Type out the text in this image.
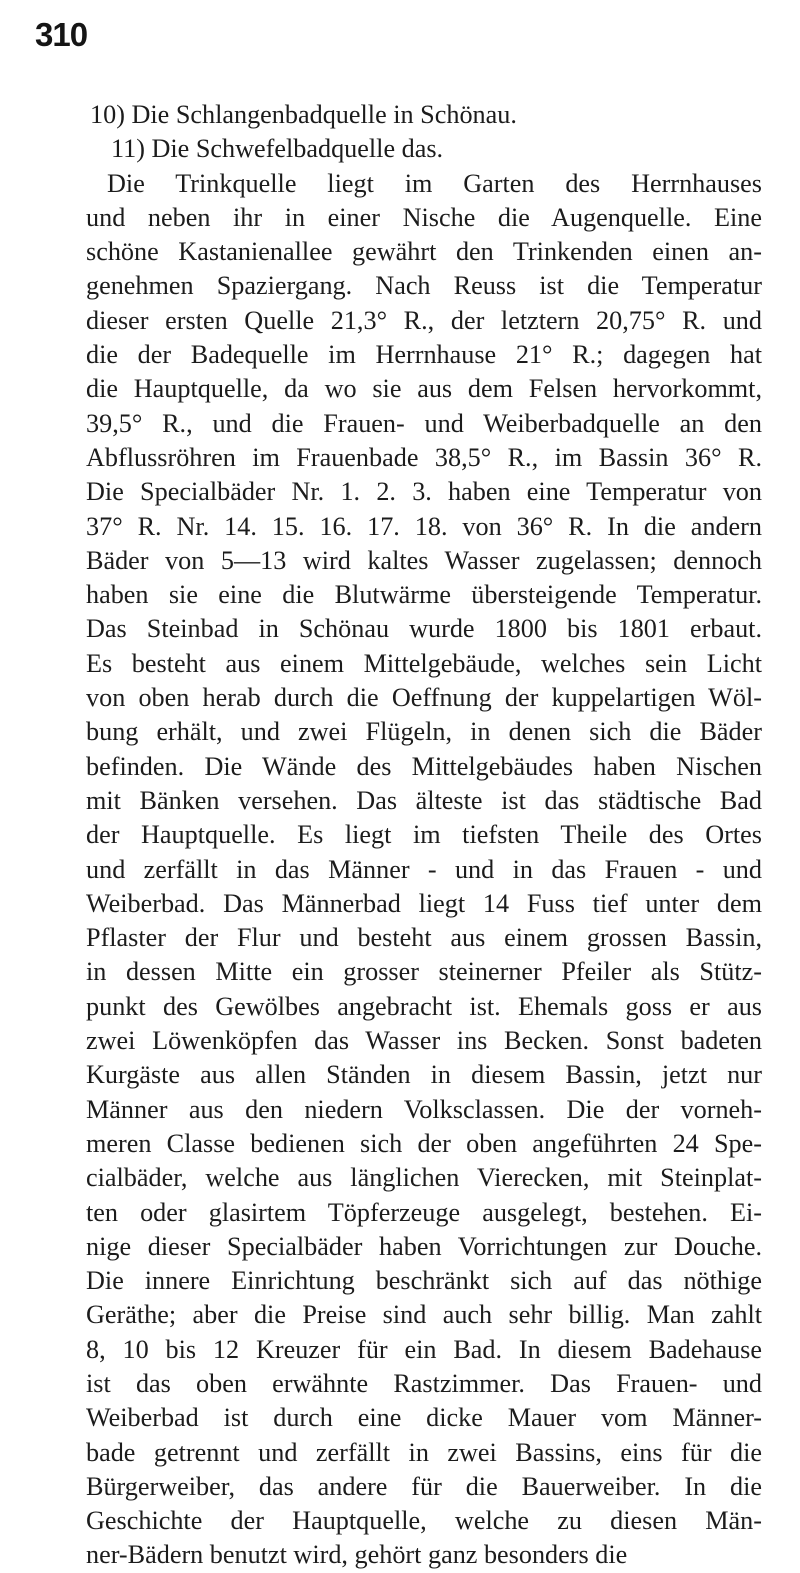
310
10) Die Schlangenbadquelle in Schönau.
11) Die Schwefelbadquelle das.
Die Trinkquelle liegt im Garten des Herrnhauses
und neben ihr in einer Nische die Augenquelle. Eine
schöne Kastanienallee gewährt den Trinkenden einen an-
genehmen Spaziergang. Nach Reuss ist die Temperatur
dieser ersten Quelle 21,3° R., der letztern 20,75° R. und
die der Badequelle im Herrnhause 21° R.; dagegen hat
die Hauptquelle, da wo sie aus dem Felsen hervorkommt,
39,5° R., und die Frauen- und Weiberbadquelle an den
Abflussröhren im Frauenbade 38,5° R., im Bassin 36° R.
Die Specialbäder Nr. 1. 2. 3. haben eine Temperatur von
37° R. Nr. 14. 15. 16. 17. 18. von 36° R. In die andern
Bäder von 5—13 wird kaltes Wasser zugelassen; dennoch
haben sie eine die Blutwärme übersteigende Temperatur.
Das Steinbad in Schönau wurde 1800 bis 1801 erbaut.
Es besteht aus einem Mittelgebäude, welches sein Licht
von oben herab durch die Oeffnung der kuppelartigen Wöl-
bung erhält, und zwei Flügeln, in denen sich die Bäder
befinden. Die Wände des Mittelgebäudes haben Nischen
mit Bänken versehen. Das älteste ist das städtische Bad
der Hauptquelle. Es liegt im tiefsten Theile des Ortes
und zerfällt in das Männer - und in das Frauen - und
Weiberbad. Das Männerbad liegt 14 Fuss tief unter dem
Pflaster der Flur und besteht aus einem grossen Bassin,
in dessen Mitte ein grosser steinerner Pfeiler als Stütz-
punkt des Gewölbes angebracht ist. Ehemals goss er aus
zwei Löwenköpfen das Wasser ins Becken. Sonst badeten
Kurgäste aus allen Ständen in diesem Bassin, jetzt nur
Männer aus den niedern Volksclassen. Die der vorneh-
meren Classe bedienen sich der oben angeführten 24 Spe-
cialbäder, welche aus länglichen Vierecken, mit Steinplat-
ten oder glasirtem Töpferzeuge ausgelegt, bestehen. Ei-
nige dieser Specialbäder haben Vorrichtungen zur Douche.
Die innere Einrichtung beschränkt sich auf das nöthige
Geräthe; aber die Preise sind auch sehr billig. Man zahlt
8, 10 bis 12 Kreuzer für ein Bad. In diesem Badehause
ist das oben erwähnte Rastzimmer. Das Frauen- und
Weiberbad ist durch eine dicke Mauer vom Männer-
bade getrennt und zerfällt in zwei Bassins, eins für die
Bürgerweiber, das andere für die Bauerweiber. In die
Geschichte der Hauptquelle, welche zu diesen Män-
ner-Bädern benutzt wird, gehört ganz besonders die
